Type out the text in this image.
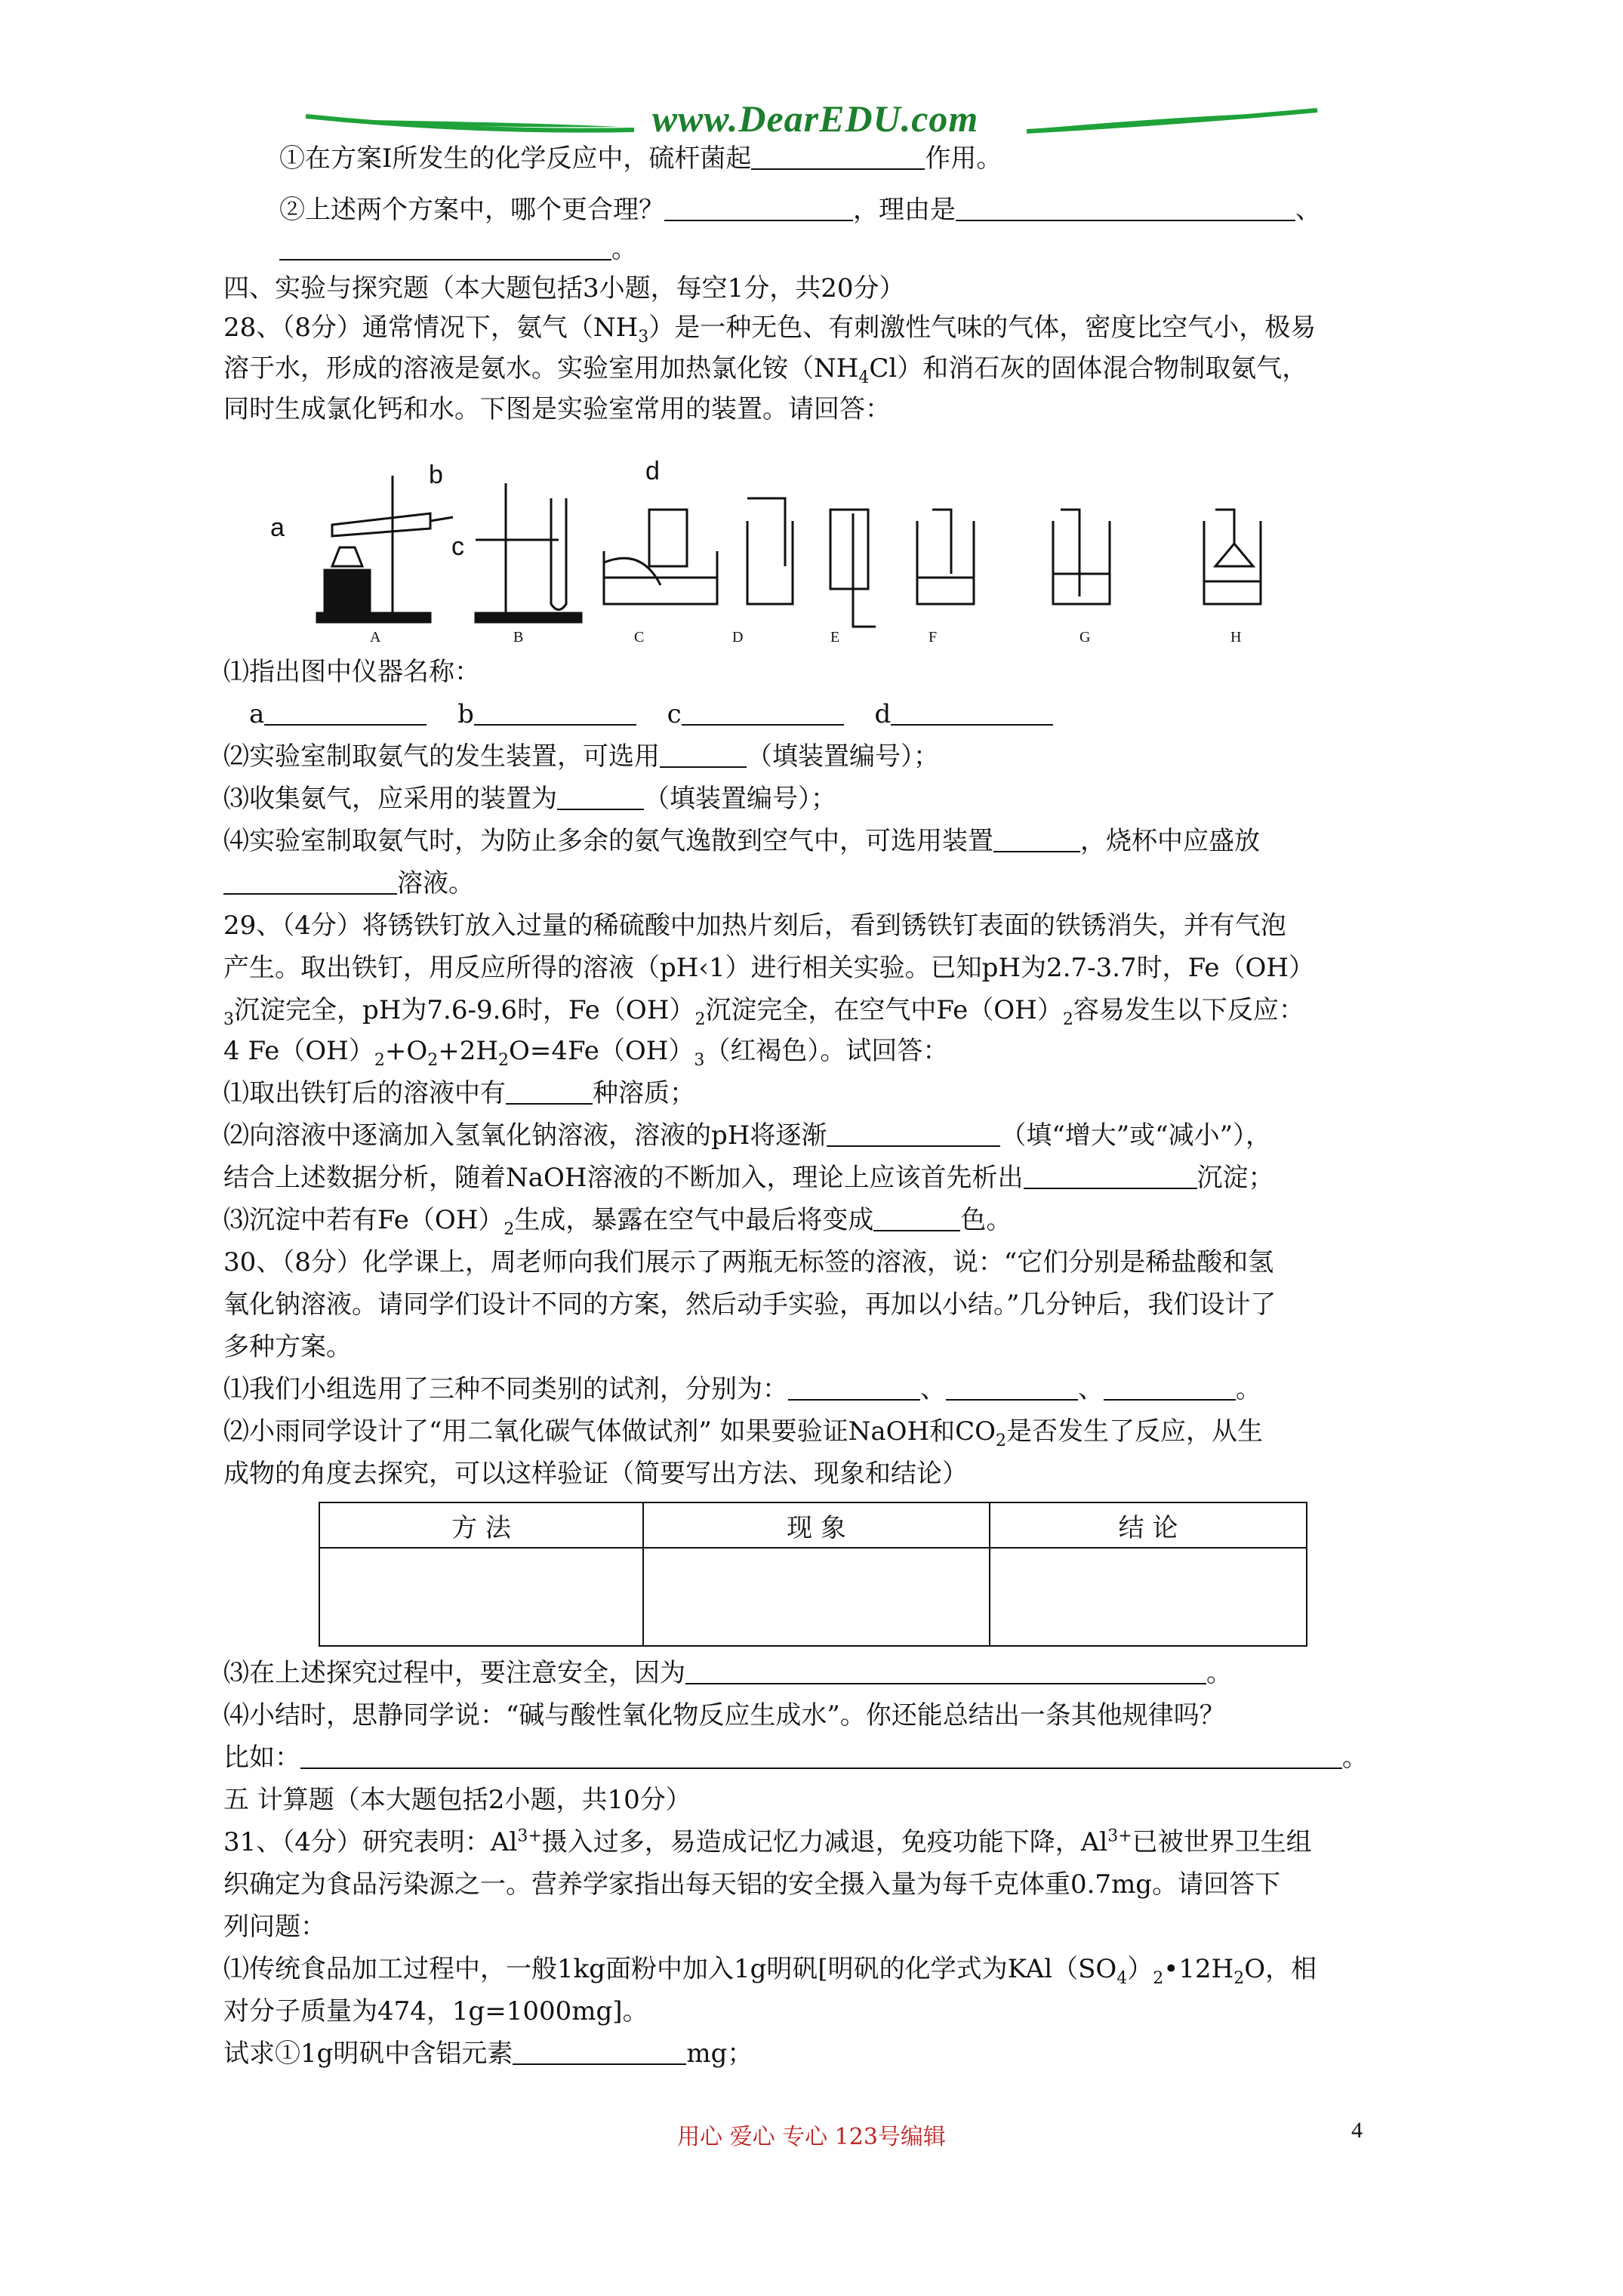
www.DearEDU.com
①在方案Ⅰ所发生的化学反应中，硫杆菌起	作用。
②上述两个方案中，哪个更合理？	，理由是	、
。
四、实验与探究题（本大题包括3小题，每空1分，共20分）
28、（8分）通常情况下，氨气$(NH_3)$是一种无色、有刺激性气味的气体，密度比空气小，极易
溶于水，形成的溶液是氨水。实验室用加热氯化铵$(NH_4Cl)$和消石灰的固体混合物制取氨气，
同时生成氯化钙和水。下图是实验室常用的装置。请回答：
a
b
c
d
A	B	C	D	E	F	G	H
⑴指出图中仪器名称：
a	b	c	d
⑵实验室制取氨气的发生装置，可选用	（填装置编号）；
⑶收集氨气，应采用的装置为	（填装置编号）；
⑷实验室制取氨气时，为防止多余的氨气逸散到空气中，可选用装置	，烧杯中应盛放
溶液。
29、（4分）将锈铁钉放入过量的稀硫酸中加热片刻后，看到锈铁钉表面的铁锈消失，并有气泡
产生。取出铁钉，用反应所得的溶液（pH‹1）进行相关实验。已知pH为2.7-3.7时，Fe（OH）
$_3$沉淀完全，pH为7.6-9.6时，$Fe(OH)_2$沉淀完全，在空气中$Fe(OH)_2$容易发生以下反应：
4 $Fe(OH)_2+O_2+2H_2O=4Fe(OH)_3$（红褐色）。试回答：
⑴取出铁钉后的溶液中有	种溶质；
⑵向溶液中逐滴加入氢氧化钠溶液，溶液的pH将逐渐	（填“增大”或“减小”），
结合上述数据分析，随着NaOH溶液的不断加入，理论上应该首先析出	沉淀；
⑶沉淀中若有$Fe(OH)_2$生成，暴露在空气中最后将变成	色。
30、（8分）化学课上，周老师向我们展示了两瓶无标签的溶液，说：“它们分别是稀盐酸和氢
氧化钠溶液。请同学们设计不同的方案，然后动手实验，再加以小结。”几分钟后，我们设计了
多种方案。
⑴我们小组选用了三种不同类别的试剂，分别为：	、	、	。
⑵小雨同学设计了“用二氧化碳气体做试剂” 如果要验证NaOH和$CO_2$是否发生了反应，从生
成物的角度去探究，可以这样验证（简要写出方法、现象和结论）
方 法	现 象	结 论

⑶在上述探究过程中，要注意安全，因为	。
⑷小结时，思静同学说：“碱与酸性氧化物反应生成水”。你还能总结出一条其他规律吗？
比如：	。
五 计算题（本大题包括2小题，共10分）
31、（4分）研究表明：$Al^{3+}$摄入过多，易造成记忆力减退，免疫功能下降，$Al^{3+}$已被世界卫生组
织确定为食品污染源之一。营养学家指出每天铝的安全摄入量为每千克体重0.7mg。请回答下
列问题：
⑴传统食品加工过程中，一般1kg面粉中加入1g明矾[明矾的化学式为$KAl(SO_4)_2•12H_2O$，相
对分子质量为474，1g=1000mg]。
试求①1g明矾中含铝元素	mg；
用心 爱心 专心 123号编辑	4
